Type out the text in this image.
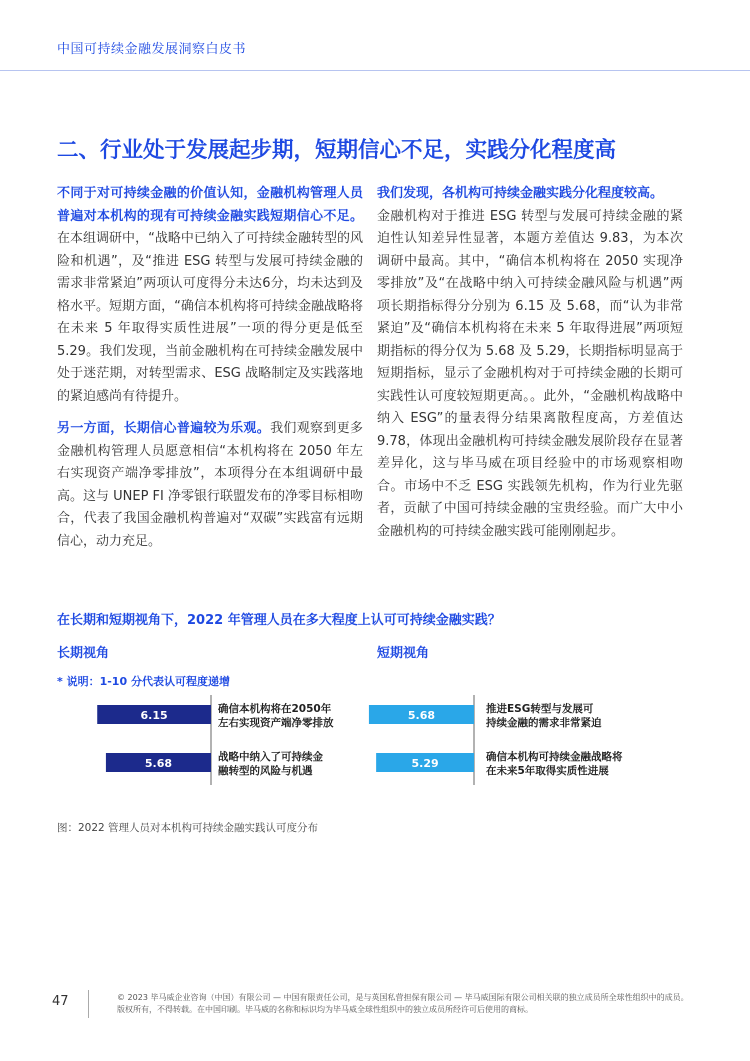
中国可持续金融发展洞察白皮书
二、行业处于发展起步期，短期信心不足，实践分化程度高

不同于对可持续金融的价值认知，金融机构管理人员普遍对本机构的现有可持续金融实践短期信心不足。在本组调研中，“战略中已纳入了可持续金融转型的风险和机遇”，及“推进 ESG 转型与发展可持续金融的需求非常紧迫”两项认可度得分未达6分，均未达到及格水平。短期方面，“确信本机构将可持续金融战略将在未来 5 年取得实质性进展”一项的得分更是低至 5.29。我们发现，当前金融机构在可持续金融发展中处于迷茫期，对转型需求、ESG 战略制定及实践落地的紧迫感尚有待提升。

另一方面，长期信心普遍较为乐观。我们观察到更多金融机构管理人员愿意相信“本机构将在 2050 年左右实现资产端净零排放”，本项得分在本组调研中最高。这与 UNEP FI 净零银行联盟发布的净零目标相吻合，代表了我国金融机构普遍对“双碳”实践富有远期信心，动力充足。

我们发现，各机构可持续金融实践分化程度较高。
金融机构对于推进 ESG 转型与发展可持续金融的紧迫性认知差异性显著，本题方差值达 9.83，为本次调研中最高。其中，“确信本机构将在 2050 实现净零排放”及“在战略中纳入可持续金融风险与机遇”两项长期指标得分分别为 6.15 及 5.68，而“认为非常紧迫”及“确信本机构将在未来 5 年取得进展”两项短期指标的得分仅为 5.68 及 5.29，长期指标明显高于短期指标，显示了金融机构对于可持续金融的长期可实践性认可度较短期更高。。此外，“金融机构战略中纳入 ESG”的量表得分结果离散程度高，方差值达 9.78，体现出金融机构可持续金融发展阶段存在显著差异化，这与毕马威在项目经验中的市场观察相吻合。市场中不乏 ESG 实践领先机构，作为行业先驱者，贡献了中国可持续金融的宝贵经验。而广大中小金融机构的可持续金融实践可能刚刚起步。

在长期和短期视角下，2022 年管理人员在多大程度上认可可持续金融实践？
长期视角	短期视角
* 说明：1-10 分代表认可程度递增
6.15	确信本机构将在2050年
左右实现资产端净零排放
5.68	战略中纳入了可持续金
融转型的风险与机遇
5.68	推进ESG转型与发展可
持续金融的需求非常紧迫
5.29	确信本机构可持续金融战略将
在未来5年取得实质性进展
图：2022 管理人员对本机构可持续金融实践认可度分布
47	© 2023 毕马威企业咨询（中国）有限公司 — 中国有限责任公司，是与英国私营担保有限公司 — 毕马威国际有限公司相关联的独立成员所全球性组织中的成员。
版权所有，不得转载。在中国印刷。毕马威的名称和标识均为毕马威全球性组织中的独立成员所经许可后使用的商标。
